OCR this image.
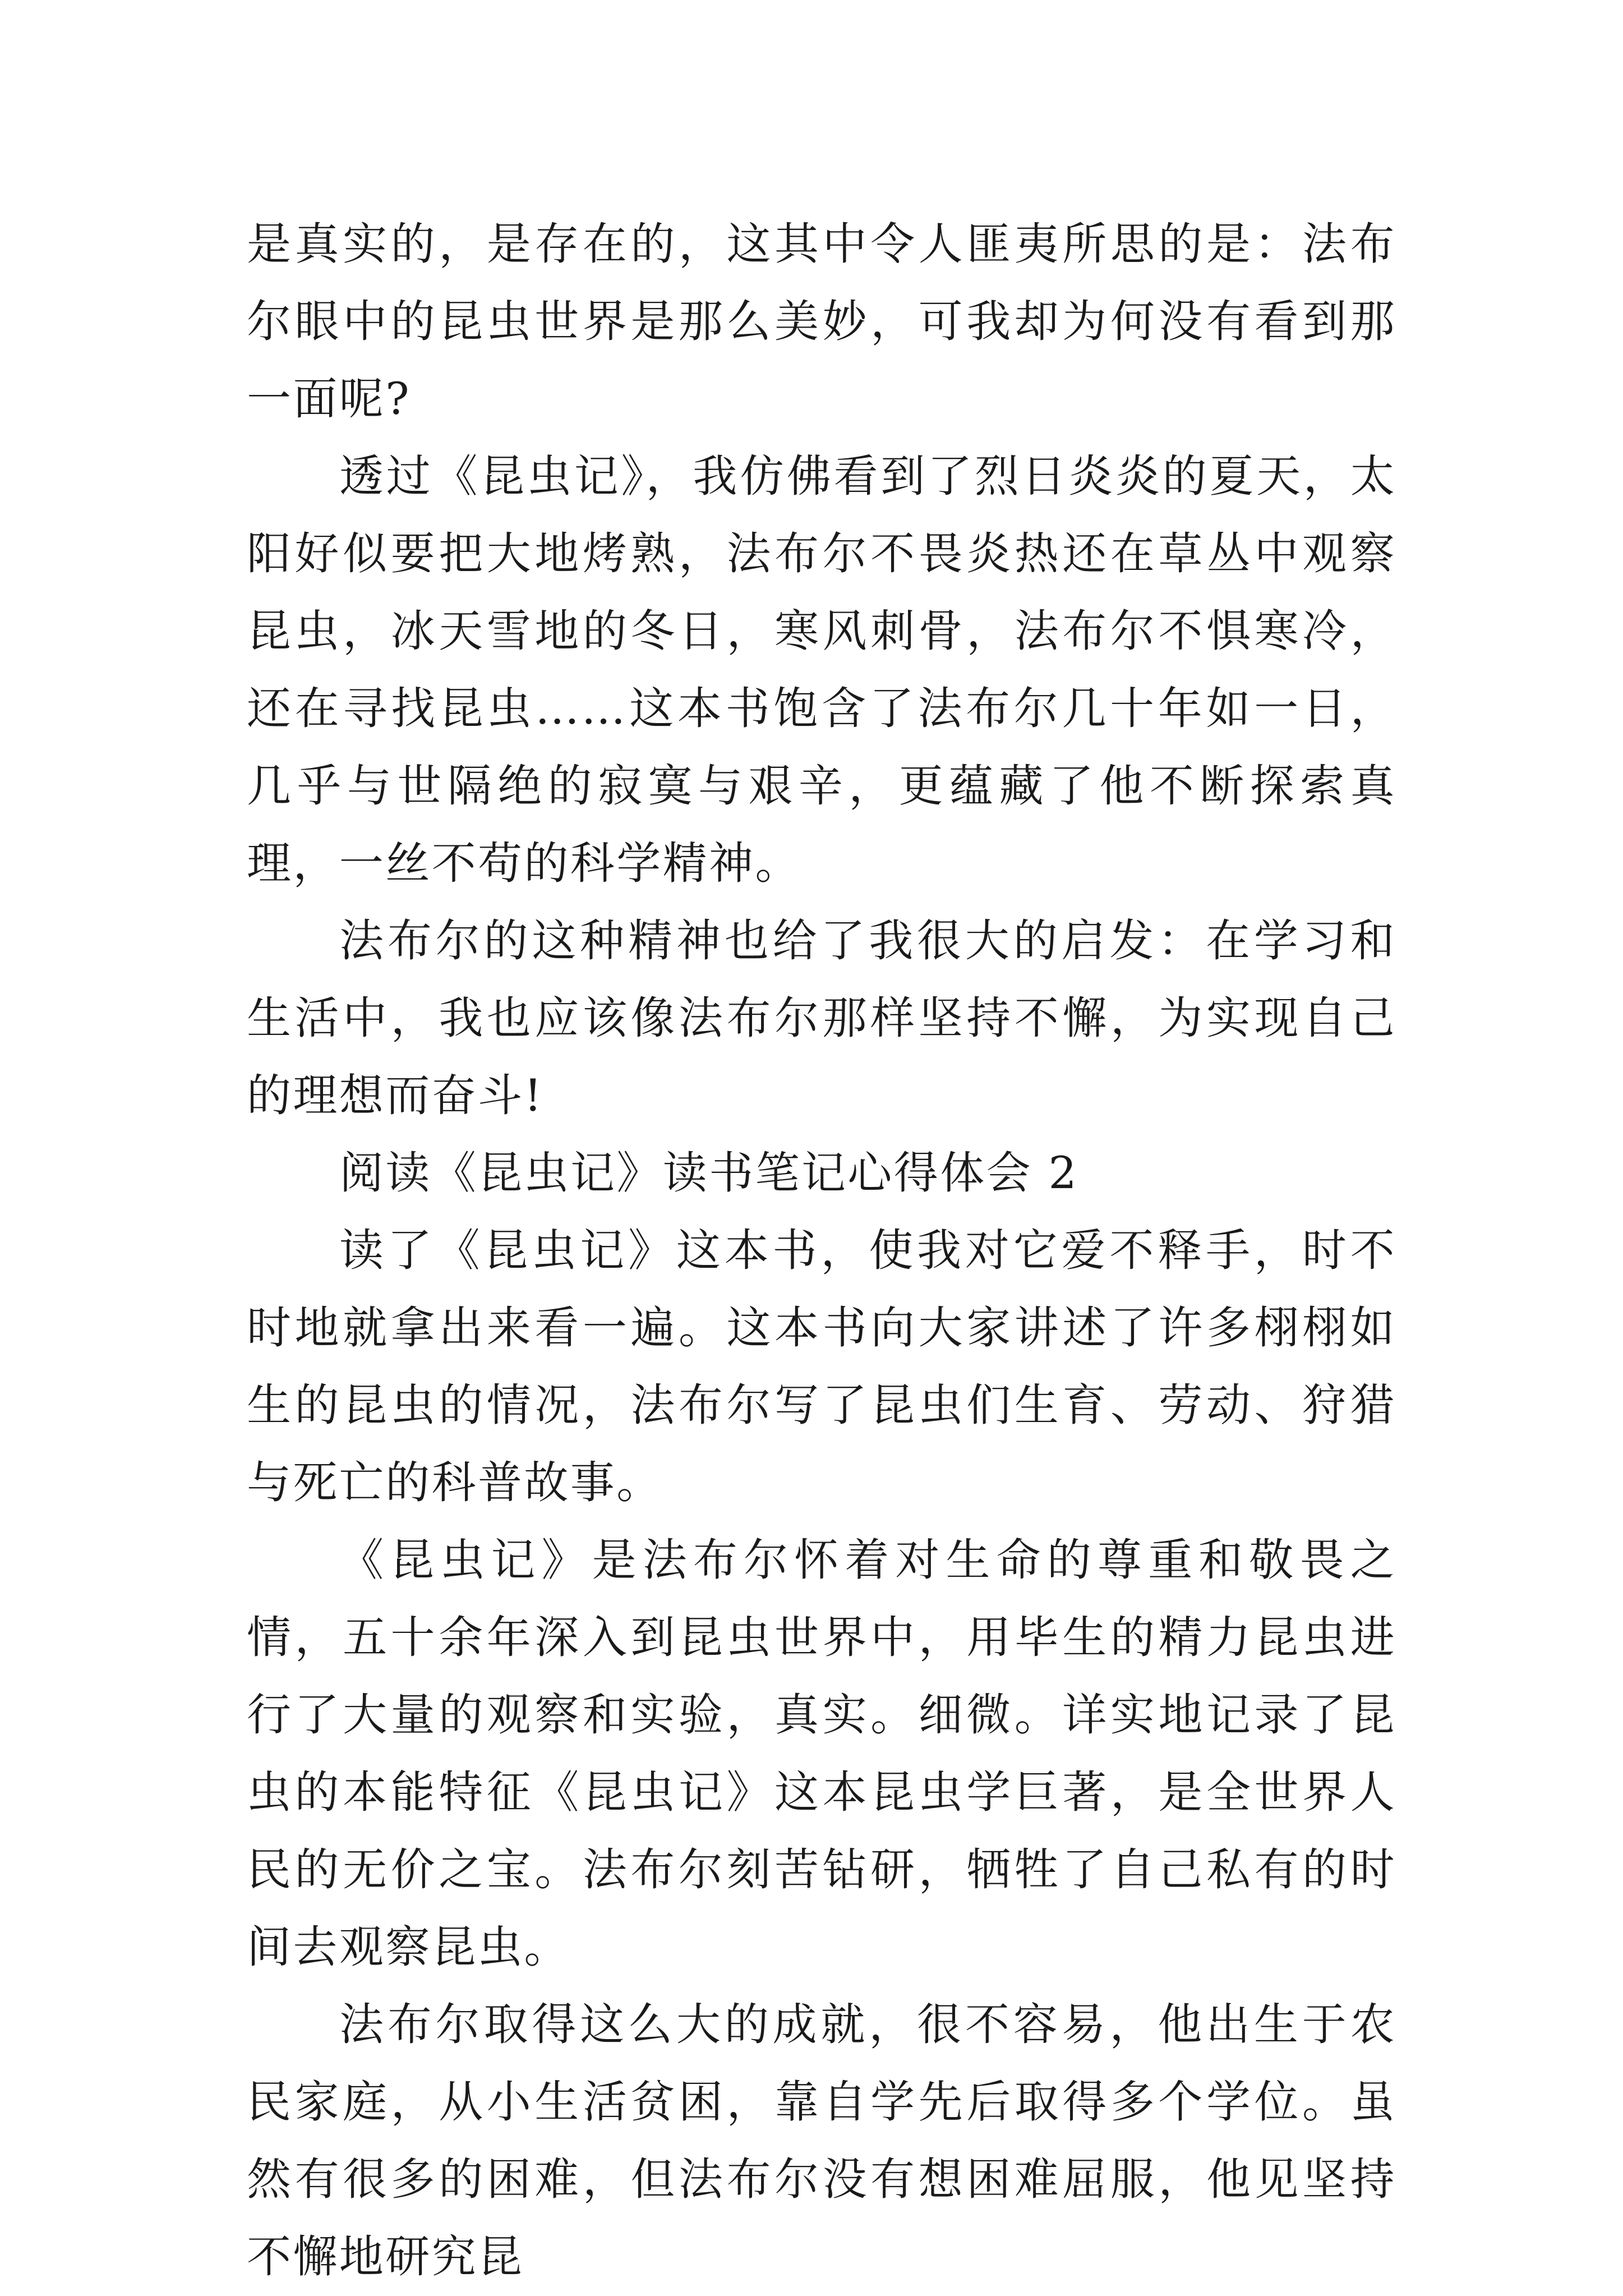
是真实的，是存在的，这其中令人匪夷所思的是：法布尔眼中的昆虫世界是那么美妙，可我却为何没有看到那一面呢?

透过《昆虫记》，我仿佛看到了烈日炎炎的夏天，太阳好似要把大地烤熟，法布尔不畏炎热还在草丛中观察昆虫，冰天雪地的冬日，寒风刺骨，法布尔不惧寒冷，还在寻找昆虫……这本书饱含了法布尔几十年如一日，几乎与世隔绝的寂寞与艰辛，更蕴藏了他不断探索真理，一丝不苟的科学精神。

法布尔的这种精神也给了我很大的启发：在学习和生活中，我也应该像法布尔那样坚持不懈，为实现自己的理想而奋斗!

阅读《昆虫记》读书笔记心得体会 2

读了《昆虫记》这本书，使我对它爱不释手，时不时地就拿出来看一遍。这本书向大家讲述了许多栩栩如生的昆虫的情况，法布尔写了昆虫们生育、劳动、狩猎与死亡的科普故事。

《昆虫记》是法布尔怀着对生命的尊重和敬畏之情，五十余年深入到昆虫世界中，用毕生的精力昆虫进行了大量的观察和实验，真实。细微。详实地记录了昆虫的本能特征《昆虫记》这本昆虫学巨著，是全世界人民的无价之宝。法布尔刻苦钻研，牺牲了自己私有的时间去观察昆虫。

法布尔取得这么大的成就，很不容易，他出生于农民家庭，从小生活贫困，靠自学先后取得多个学位。虽然有很多的困难，但法布尔没有想困难屈服，他见坚持不懈地研究昆
